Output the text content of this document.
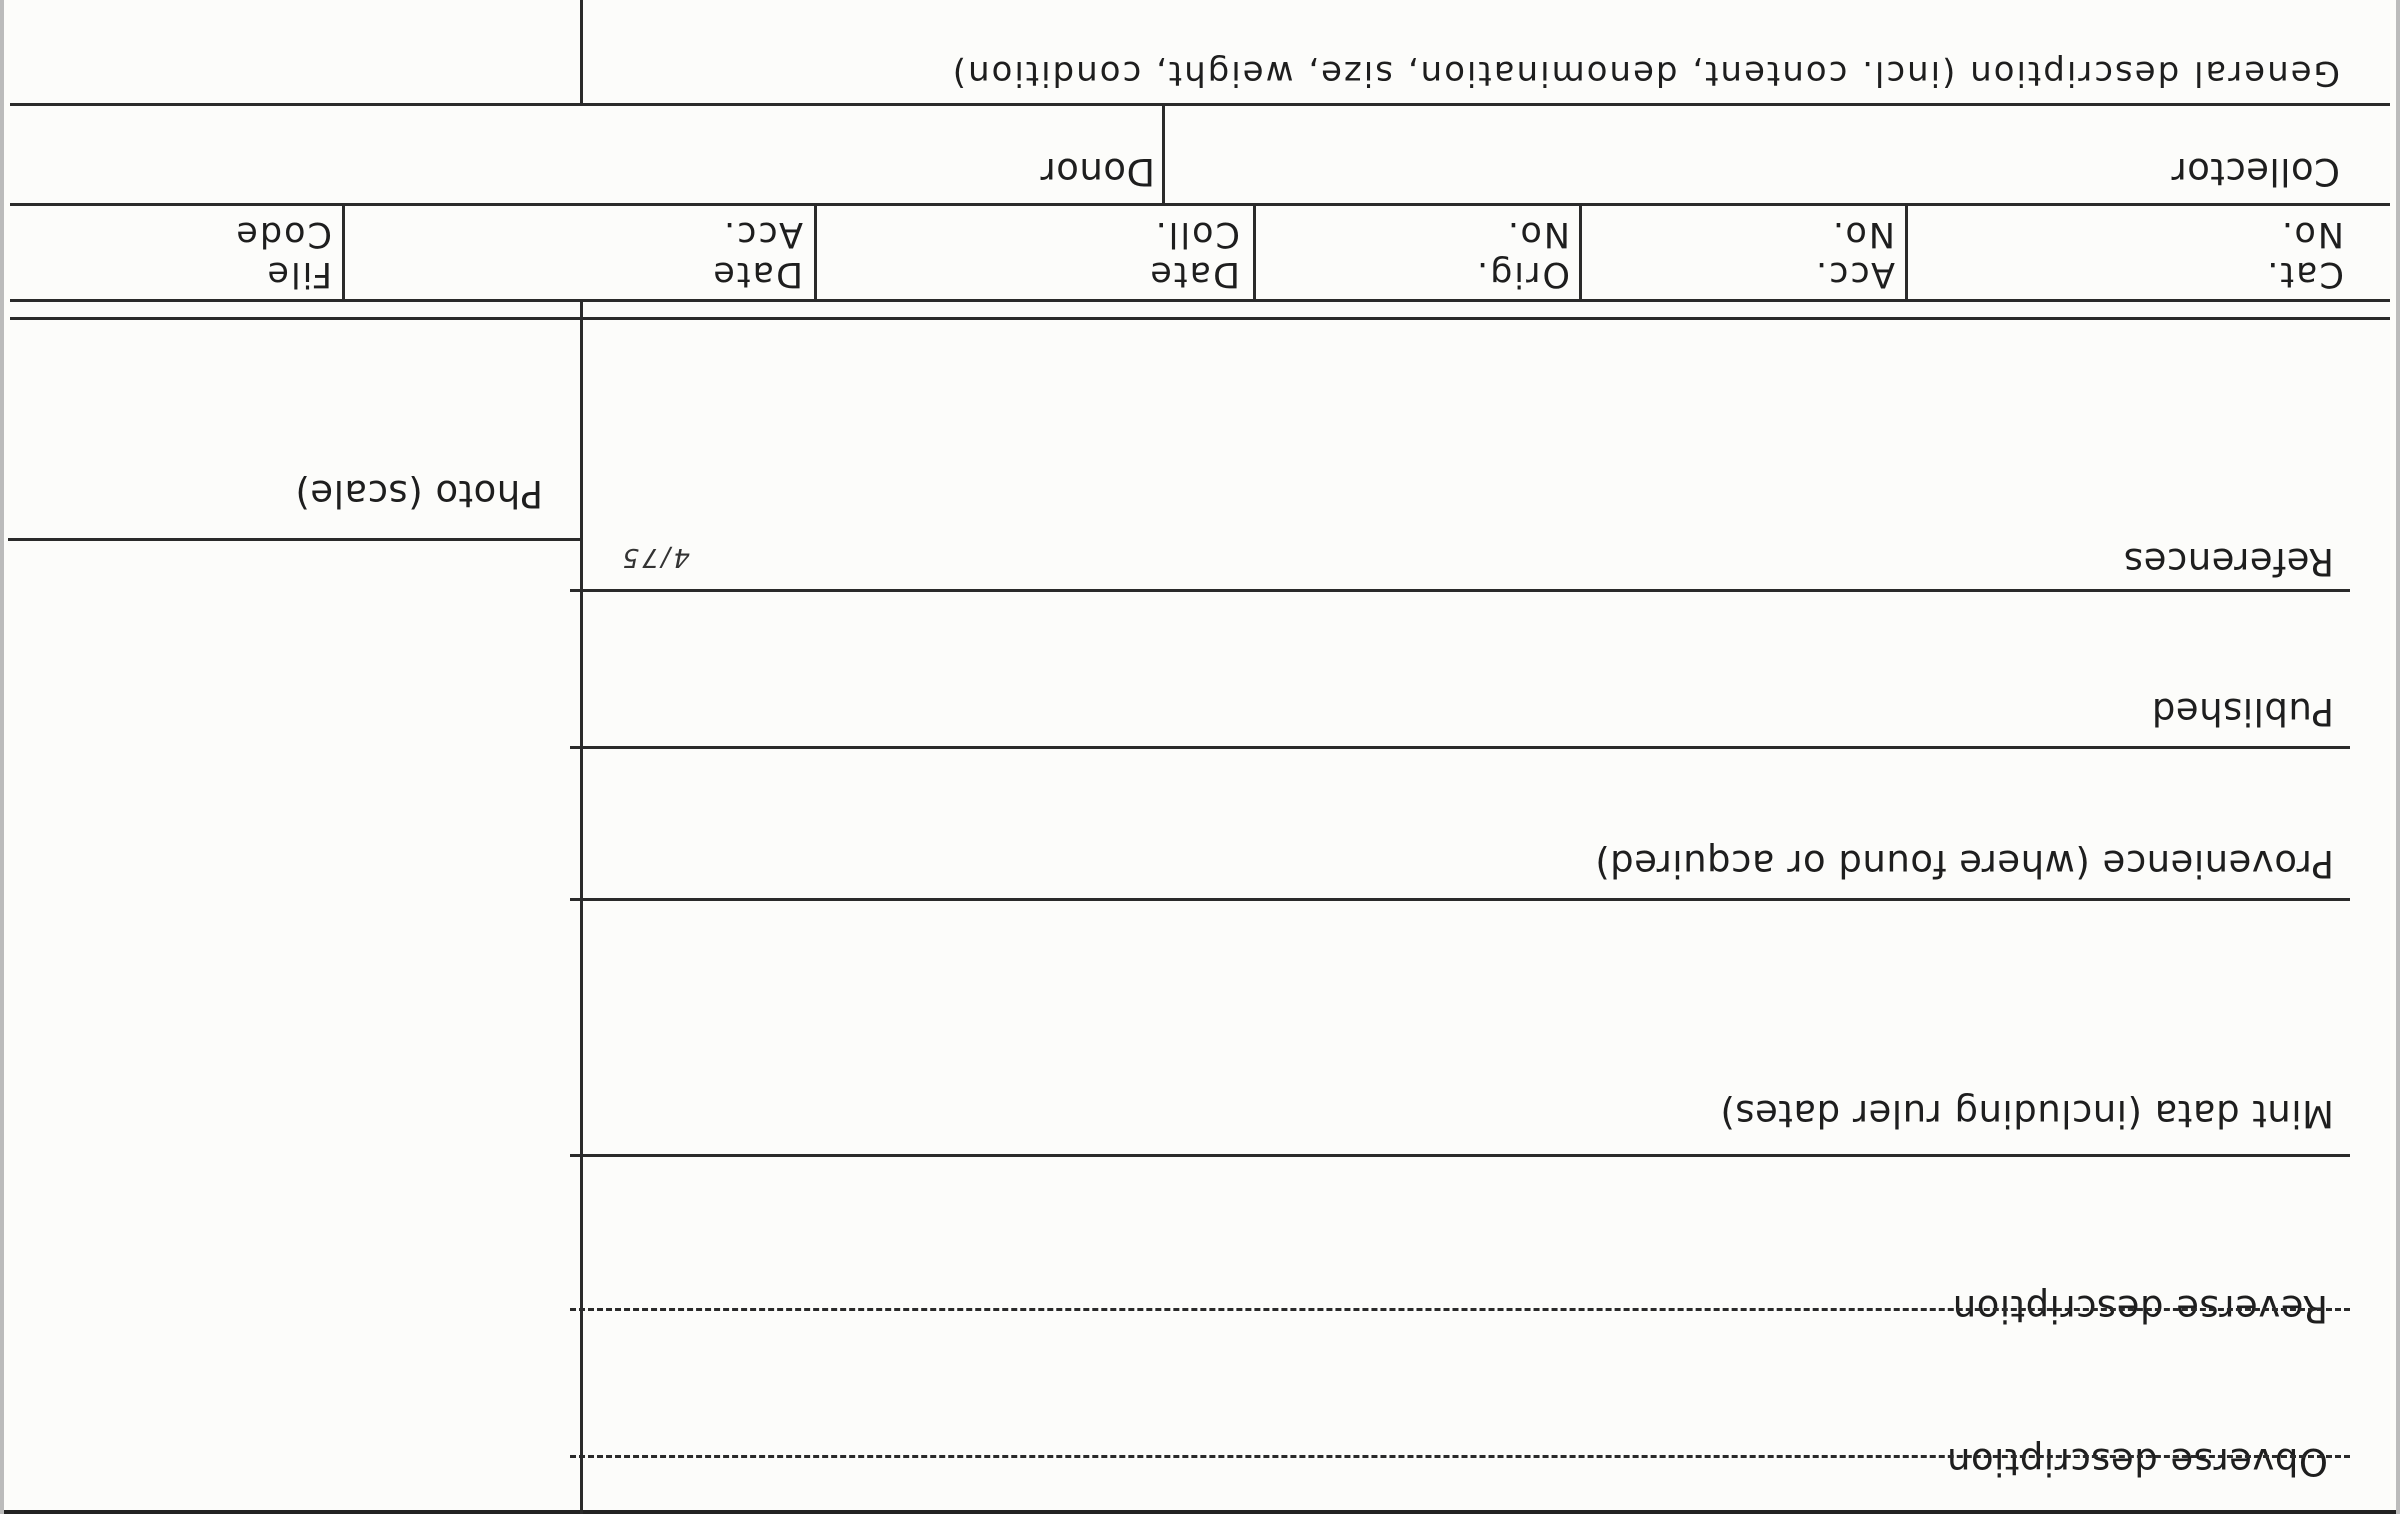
Obverse description
Reverse description
Mint data (including ruler dates)
Provenience (where found or acquired)
Published
References
4/75
Photo (scale)
Cat.
No.
Acc.
No.
Orig.
No.
Date
Coll.
Date
Acc.
File
Code
Collector
Donor
General description (incl. content, denomination, size, weight, condition)
